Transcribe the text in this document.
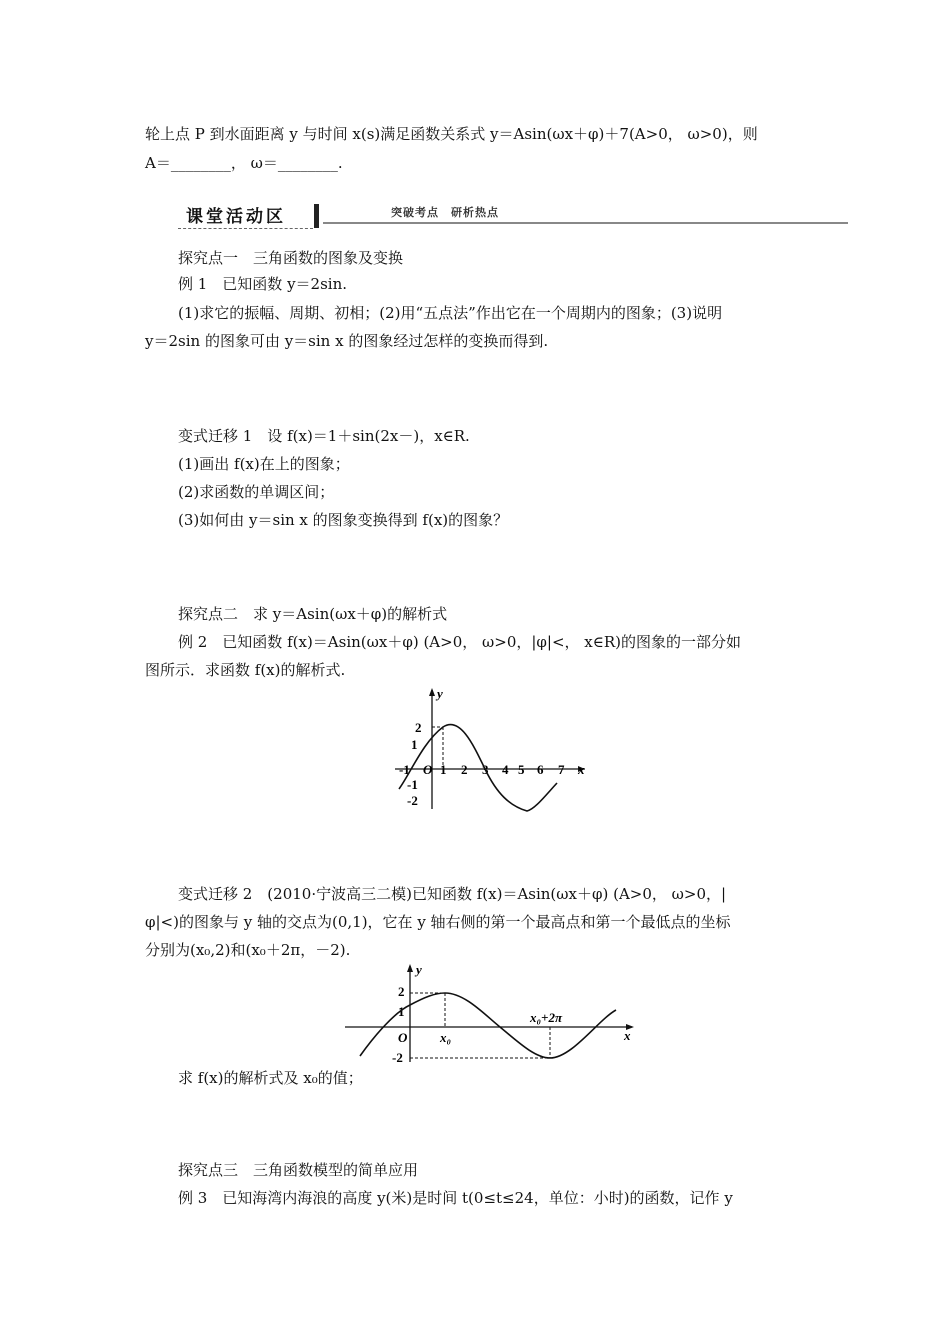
轮上点 P 到水面距离 y 与时间 x(s)满足函数关系式 y＝Asin(ωx＋φ)＋7(A>0， ω>0)，则
A＝________， ω＝________.
课堂活动区	突破考点　研析热点
探究点一　三角函数的图象及变换
例 1　已知函数 y＝2sin.
(1)求它的振幅、周期、初相；(2)用“五点法”作出它在一个周期内的图象；(3)说明
y＝2sin 的图象可由 y＝sin x 的图象经过怎样的变换而得到.
变式迁移 1　设 f(x)＝1＋sin(2x－)，x∈R.
(1)画出 f(x)在上的图象；
(2)求函数的单调区间；
(3)如何由 y＝sin x 的图象变换得到 f(x)的图象？
探究点二　求 y＝Asin(ωx＋φ)的解析式
例 2　已知函数 f(x)＝Asin(ωx＋φ) (A>0， ω>0，|φ|<， x∈R)的图象的一部分如
图所示．求函数 f(x)的解析式.
y
x
O
2
1
-1
-2
-1 1 2 3 4 5 6 7
变式迁移 2　(2010·宁波高三二模)已知函数 f(x)＝Asin(ωx＋φ) (A>0， ω>0，|
φ|<)的图象与 y 轴的交点为(0,1)，它在 y 轴右侧的第一个最高点和第一个最低点的坐标
分别为(x₀,2)和(x₀＋2π，－2).
y
x
O
2
1
-2
x₀
x₀+2π
求 f(x)的解析式及 x₀的值；
探究点三　三角函数模型的简单应用
例 3　已知海湾内海浪的高度 y(米)是时间 t(0≤t≤24，单位：小时)的函数，记作 y
